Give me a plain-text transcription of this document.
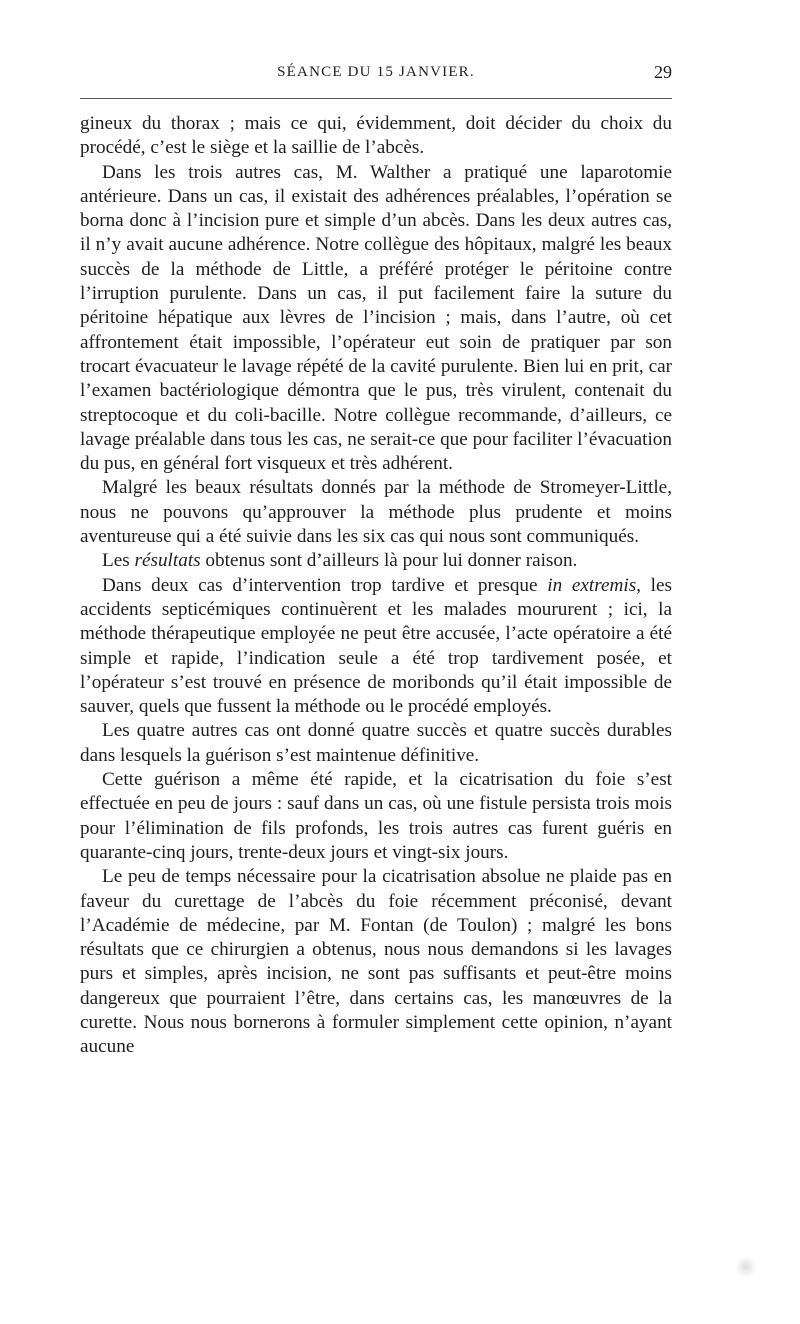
SÉANCE DU 15 JANVIER.	29

gineux du thorax ; mais ce qui, évidemment, doit décider du choix du procédé, c’est le siège et la saillie de l’abcès.

Dans les trois autres cas, M. Walther a pratiqué une laparotomie antérieure. Dans un cas, il existait des adhérences préalables, l’opération se borna donc à l’incision pure et simple d’un abcès. Dans les deux autres cas, il n’y avait aucune adhérence. Notre collègue des hôpitaux, malgré les beaux succès de la méthode de Little, a préféré protéger le péritoine contre l’irruption purulente. Dans un cas, il put facilement faire la suture du péritoine hépatique aux lèvres de l’incision ; mais, dans l’autre, où cet affrontement était impossible, l’opérateur eut soin de pratiquer par son trocart évacuateur le lavage répété de la cavité purulente. Bien lui en prit, car l’examen bactériologique démontra que le pus, très virulent, contenait du streptocoque et du coli-bacille. Notre collègue recommande, d’ailleurs, ce lavage préalable dans tous les cas, ne serait-ce que pour faciliter l’évacuation du pus, en général fort visqueux et très adhérent.

Malgré les beaux résultats donnés par la méthode de Stromeyer-Little, nous ne pouvons qu’approuver la méthode plus prudente et moins aventureuse qui a été suivie dans les six cas qui nous sont communiqués.

Les résultats obtenus sont d’ailleurs là pour lui donner raison.

Dans deux cas d’intervention trop tardive et presque in extremis, les accidents septicémiques continuèrent et les malades moururent ; ici, la méthode thérapeutique employée ne peut être accusée, l’acte opératoire a été simple et rapide, l’indication seule a été trop tardivement posée, et l’opérateur s’est trouvé en présence de moribonds qu’il était impossible de sauver, quels que fussent la méthode ou le procédé employés.

Les quatre autres cas ont donné quatre succès et quatre succès durables dans lesquels la guérison s’est maintenue définitive.

Cette guérison a même été rapide, et la cicatrisation du foie s’est effectuée en peu de jours : sauf dans un cas, où une fistule persista trois mois pour l’élimination de fils profonds, les trois autres cas furent guéris en quarante-cinq jours, trente-deux jours et vingt-six jours.

Le peu de temps nécessaire pour la cicatrisation absolue ne plaide pas en faveur du curettage de l’abcès du foie récemment préconisé, devant l’Académie de médecine, par M. Fontan (de Toulon) ; malgré les bons résultats que ce chirurgien a obtenus, nous nous demandons si les lavages purs et simples, après incision, ne sont pas suffisants et peut-être moins dangereux que pourraient l’être, dans certains cas, les manœuvres de la curette. Nous nous bornerons à formuler simplement cette opinion, n’ayant aucune
